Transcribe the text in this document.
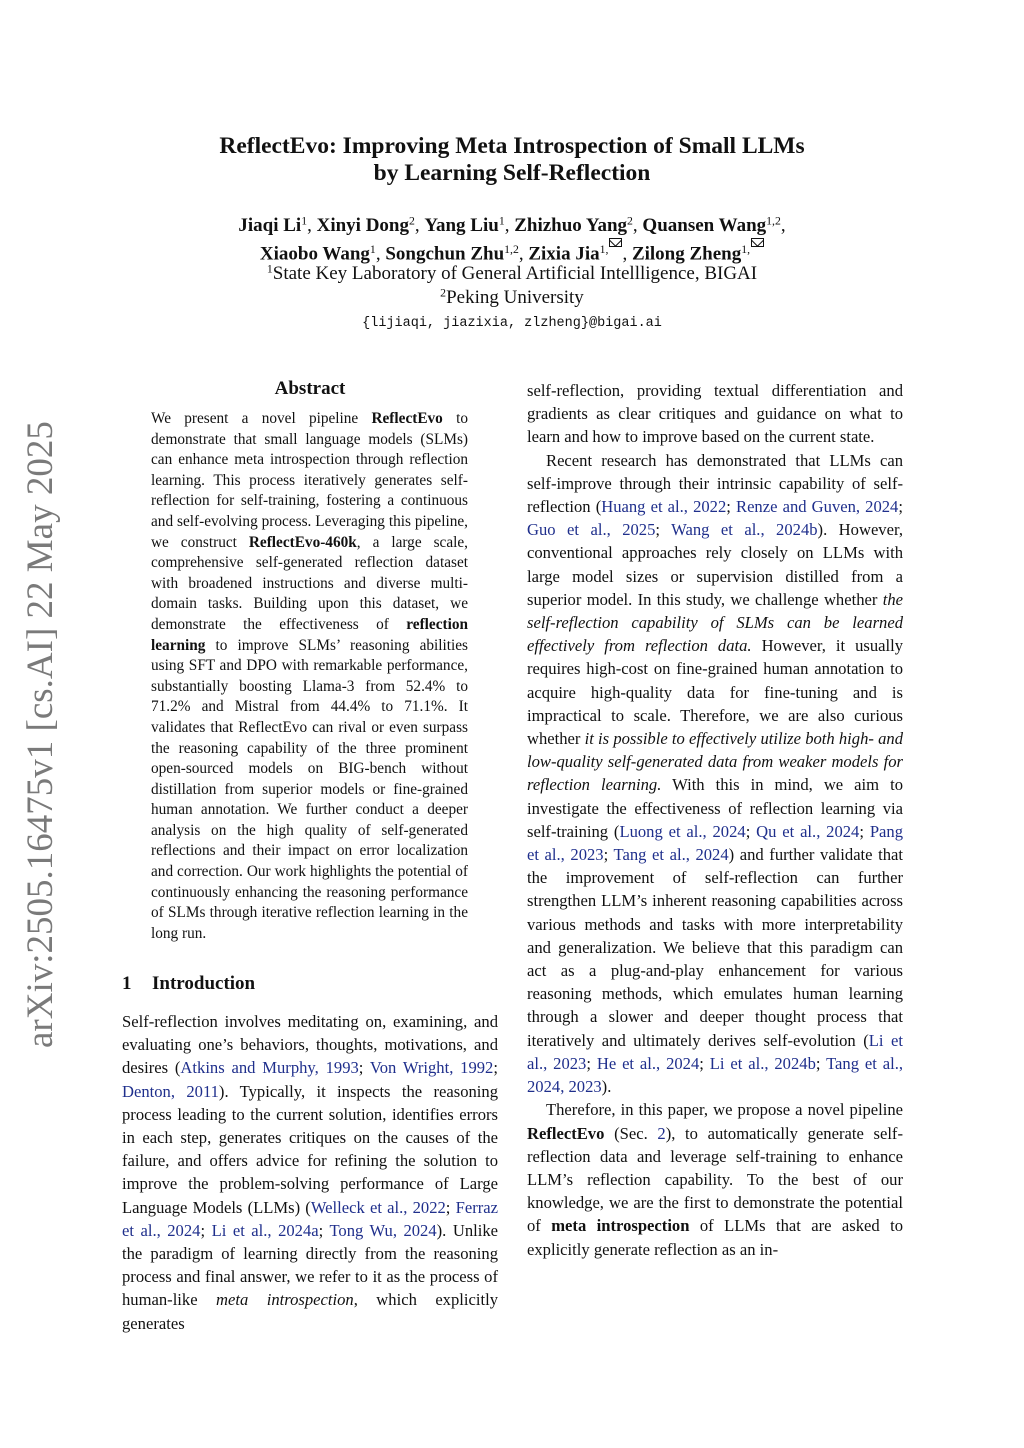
arXiv:2505.16475v1 [cs.AI] 22 May 2025
ReflectEvo: Improving Meta Introspection of Small LLMs
by Learning Self-Reflection
Jiaqi Li$^1$, Xinyi Dong$^2$, Yang Liu$^1$, Zhizhuo Yang$^2$, Quansen Wang$^{1,2}$,
Xiaobo Wang$^1$, Songchun Zhu$^{1,2}$, Zixia Jia$^{1,}$ , Zilong Zheng$^{1,}$
$^1$State Key Laboratory of General Artificial Intellligence, BIGAI
$^2$Peking University
{lijiaqi, jiazixia, zlzheng}@bigai.ai
Abstract
We present a novel pipeline ReflectEvo to demonstrate that small language models (SLMs) can enhance meta introspection through reflection learning. This process iteratively generates self-reflection for self-training, fostering a continuous and self-evolving process. Leveraging this pipeline, we construct ReflectEvo-460k, a large scale, comprehensive self-generated reflection dataset with broadened instructions and diverse multi-domain tasks. Building upon this dataset, we demonstrate the effectiveness of reflection learning to improve SLMs’ reasoning abilities using SFT and DPO with remarkable performance, substantially boosting Llama-3 from 52.4% to 71.2% and Mistral from 44.4% to 71.1%. It validates that ReflectEvo can rival or even surpass the reasoning capability of the three prominent open-sourced models on BIG-bench without distillation from superior models or fine-grained human annotation. We further conduct a deeper analysis on the high quality of self-generated reflections and their impact on error localization and correction. Our work highlights the potential of continuously enhancing the reasoning performance of SLMs through iterative reflection learning in the long run.
1 Introduction

Self-reflection involves meditating on, examining, and evaluating one’s behaviors, thoughts, motivations, and desires (Atkins and Murphy, 1993; Von Wright, 1992; Denton, 2011). Typically, it inspects the reasoning process leading to the current solution, identifies errors in each step, generates critiques on the causes of the failure, and offers advice for refining the solution to improve the problem-solving performance of Large Language Models (LLMs) (Welleck et al., 2022; Ferraz et al., 2024; Li et al., 2024a; Tong Wu, 2024). Unlike the paradigm of learning directly from the reasoning process and final answer, we refer to it as the process of human-like meta introspection, which explicitly generates

self-reflection, providing textual differentiation and gradients as clear critiques and guidance on what to learn and how to improve based on the current state.

Recent research has demonstrated that LLMs can self-improve through their intrinsic capability of self-reflection (Huang et al., 2022; Renze and Guven, 2024; Guo et al., 2025; Wang et al., 2024b). However, conventional approaches rely closely on LLMs with large model sizes or supervision distilled from a superior model. In this study, we challenge whether the self-reflection capability of SLMs can be learned effectively from reflection data. However, it usually requires high-cost on fine-grained human annotation to acquire high-quality data for fine-tuning and is impractical to scale. Therefore, we are also curious whether it is possible to effectively utilize both high- and low-quality self-generated data from weaker models for reflection learning. With this in mind, we aim to investigate the effectiveness of reflection learning via self-training (Luong et al., 2024; Qu et al., 2024; Pang et al., 2023; Tang et al., 2024) and further validate that the improvement of self-reflection can further strengthen LLM’s inherent reasoning capabilities across various methods and tasks with more interpretability and generalization. We believe that this paradigm can act as a plug-and-play enhancement for various reasoning methods, which emulates human learning through a slower and deeper thought process that iteratively and ultimately derives self-evolution (Li et al., 2023; He et al., 2024; Li et al., 2024b; Tang et al., 2024, 2023).

Therefore, in this paper, we propose a novel pipeline ReflectEvo (Sec. 2), to automatically generate self-reflection data and leverage self-training to enhance LLM’s reflection capability. To the best of our knowledge, we are the first to demonstrate the potential of meta introspection of LLMs that are asked to explicitly generate reflection as an in-
